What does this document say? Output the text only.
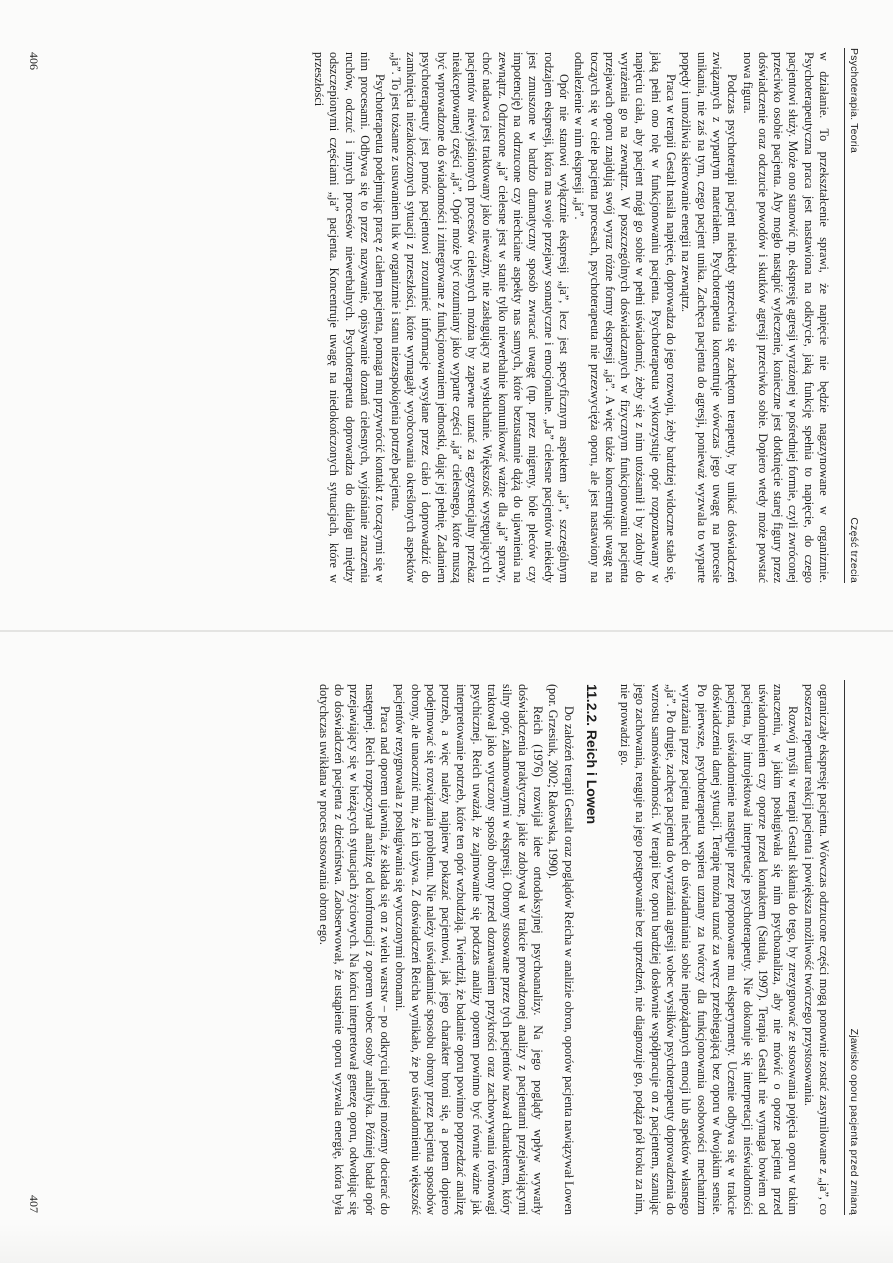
Psychoterapia. Teoria
Część trzecia

w działanie. To przekształcenie sprawi, że napięcie nie będzie nagazynowane w organizmie. Psychoterapeutyczna praca jest nastawiona na odkrycie, jaką funkcję spełnia to napięcie, do czego pacjentowi służy. Może ono stanowić np. ekspresję agresji wyrażonej w pośredniej formie, czyli zwróconej przeciwko osobie pacjenta. Aby mogło nastąpić wyleczenie, konieczne jest dotknięcie starej figury przez doświadczenie oraz odczucie powodów i skutków agresji przeciwko sobie. Dopiero wtedy może powstać nowa figura.

Podczas psychoterapii pacjent niekiedy sprzeciwia się zachętom terapeuty, by unikać doświadczeń związanych z wypartym materiałem. Psychoterapeuta koncentruje wówczas jego uwagę na procesie unikania, nie zaś na tym, czego pacjent unika. Zachęca pacjenta do agresji, ponieważ wyzwala to wyparte popędy i umożliwia skierowanie energii na zewnątrz.

Praca w terapii Gestalt nasila napięcie, doprowadza do jego rozwoju, żeby bardziej widoczne stało się, jaką pełni ono rolę w funkcjonowaniu pacjenta. Psychoterapeuta wykorzystuje opór rozpoznawany w napięciu ciała, aby pacjent mógł go sobie w pełni uświadomić, żeby się z nim utożsamił i by zdolny do wyrażenia go na zewnątrz. W poszczególnych doświadczanych w fizycznym funkcjonowaniu pacjenta przejawach oporu znajdują swój wyraz różne formy ekspresji „ja”. A więc także koncentrując uwagę na tocząych się w ciele pacjenta procesach, psychoterapeuta nie przezwycięża oporu, ale jest nastawiony na odnalezienie w nim ekspresji „ja”.

Opór nie stanowi wyłącznie ekspresji „ja”, lecz jest specyficznym aspektem „ja”, szczególnym rodzajem ekspresji, która ma swoje przejawy somatyczne i emocjonalne. „Ja” cielesne pacjentów niekiedy jest zmuszone w bardzo dramatyczny sposób zwracać uwagę (np. przez migreny, bóle pleców czy impotencję) na odrzucone czy niechciane aspekty nas samych, które bezustannie dążą do ujawnienia na zewnątrz. Odrzucone „ja” cielesne jest w stanie tylko niewerbalnie komunikować ważne dla „ja” sprawy, choć nadawca jest traktowany jako nieważny, nie zasługujący na wysłuchanie. Większość występujących u pacjentów niewyjaśnionych procesów cielesnych można by zapewne uznać za egzystencjalny przekaz nieakceptowanej części „ja”. Opór może być rozumiany jako wyparte części „ja” cielesnego, które muszą być wprowadzone do świadomości i zintegrowane z funkcjonowaniem jednostki, dając jej pełnię. Zadaniem psychoterapeuty jest pomóc pacjentowi zrozumieć informacje wysyłane przez ciało i doprowadzić do zamknięcia niezakończonych sytuacji z przeszłości, które wymagały wyobcowania określonych aspektów „ja”. To jest tożsame z usuwaniem luk w organizmie i stanu niezaspokojenia potrzeb pacjenta.

Psychoterapeuta podejmując pracę z ciałem pacjenta, pomaga mu przywrócić kontakt z toczącymi się w nim procesami. Odbywa się to przez nazywanie, opisywanie doznań cielesnych, wyjaśnianie znaczenia ruchów, odczuć i innych procesów niewerbalnych. Psychoterapeuta doprowadza do dialogu między odszczepionymi częściami „ja” pacjenta. Koncentruje uwagę na niedokończonych sytuacjach, które w przeszłości

406
Zjawisko oporu pacjenta przed zmianą

ograniczały ekspresję pacjenta. Wówczas odrzucone części mogą ponownie zostać zasymilowane z „ja”, co poszerza repertuar reakcji pacjenta i powiększa możliwość twórczego przystosowania.

Rozwój myśli w terapii Gestalt skłania do tego, by zrezygnować ze stosowania pojęcia oporu w takim znaczeniu, w jakim posługiwała się nim psychoanaliza, aby nie mówić o oporze pacjenta przed uświadomieniem czy oporze przed kontaktem (Satuła, 1997). Terapia Gestalt nie wymaga bowiem od pacjenta, by introjektował interpretacje psychoterapeuty. Nie dokonuje się interpretacji nieświadomości pacjenta, uświadomienie następuje przez proponowane mu eksperymenty. Uczenie odbywa się w trakcie doświadczenia danej sytuacji. Terapię można uznać za wręcz przebiegającą bez oporu w dwojakim sensie. Po pierwsze, psychoterapeuta wspiera uznany za twórczy dla funkcjonowania osobowości mechanizm wyrażania przez pacjenta niechęci do uświadamiania sobie niepożądanych emocji lub aspektów własnego „ja”. Po drugie, zachęca pacjenta do wyrażania agresji wobec wysiłków psychoterapeuty doprowadzenia do wzrostu samoświadomości. W terapii bez oporu bardziej dosłownie współpracuje on z pacjentem, szanując jego zachowania, reaguje na jego postępowanie bez uprzedzeń, nie diagnozuje go, podąża pół kroku za nim, nie prowadzi go.

11.2.2. Reich i Lowen

Do założeń terapii Gestalt oraz poglądów Reicha w analizie obron, oporów pacjenta nawiązywał Lowen (por. Grzesiuk, 2002; Rakowska, 1990).

Reich (1976) rozwijał idee ortodoksyjnej psychoanalizy. Na jego poglądy wpływ wywarły doświadczenia praktyczne, jakie zdobywał w trakcie prowadzonej analizy z pacjentami przejawiającymi silny opór, zahamowanymi w ekspresji. Obrony stosowane przez tych pacjentów nazwał charakterem, który traktował jako wyuczony sposób obrony przed doznawaniem przykrości oraz zachowywania równowagi psychicznej. Reich uważał, że zajmowanie się podczas analizy oporem powinno być równie ważne jak interpretowanie potrzeb, które ten opór wzbudzają. Twierdził, że badanie oporu powinno poprzedzać analizę potrzeb, a więc należy najpierw pokazać pacjentowi, jak jego charakter broni się, a potem dopiero podejmować się rozwiązania problemu. Nie należy uświadamiać sposobu obrony przez pacjenta sposobów obrony, ale unaocznić mu, że ich używa. Z doświadczeń Reicha wynikało, że po uświadomieniu większość pacjentów rezygnowała z posługiwania się wyuczonymi obronami.

Praca nad oporem ujawnia, że składa się on z wielu warstw – po odkryciu jednej możemy docierać do następnej. Reich rozpoczynał analizę od konfrontacji z oporem wobec osoby analityka. Później badał opór przejawiający się w bieżących sytuacjach życiowych. Na końcu interpretował genezę oporu, odwołując się do doświadczeń pacjenta z dzieciństwa. Zaobserwował, że ustąpienie oporu wyzwala energię, która była dotychczas uwikłana w proces stosowania obron ego.

407
